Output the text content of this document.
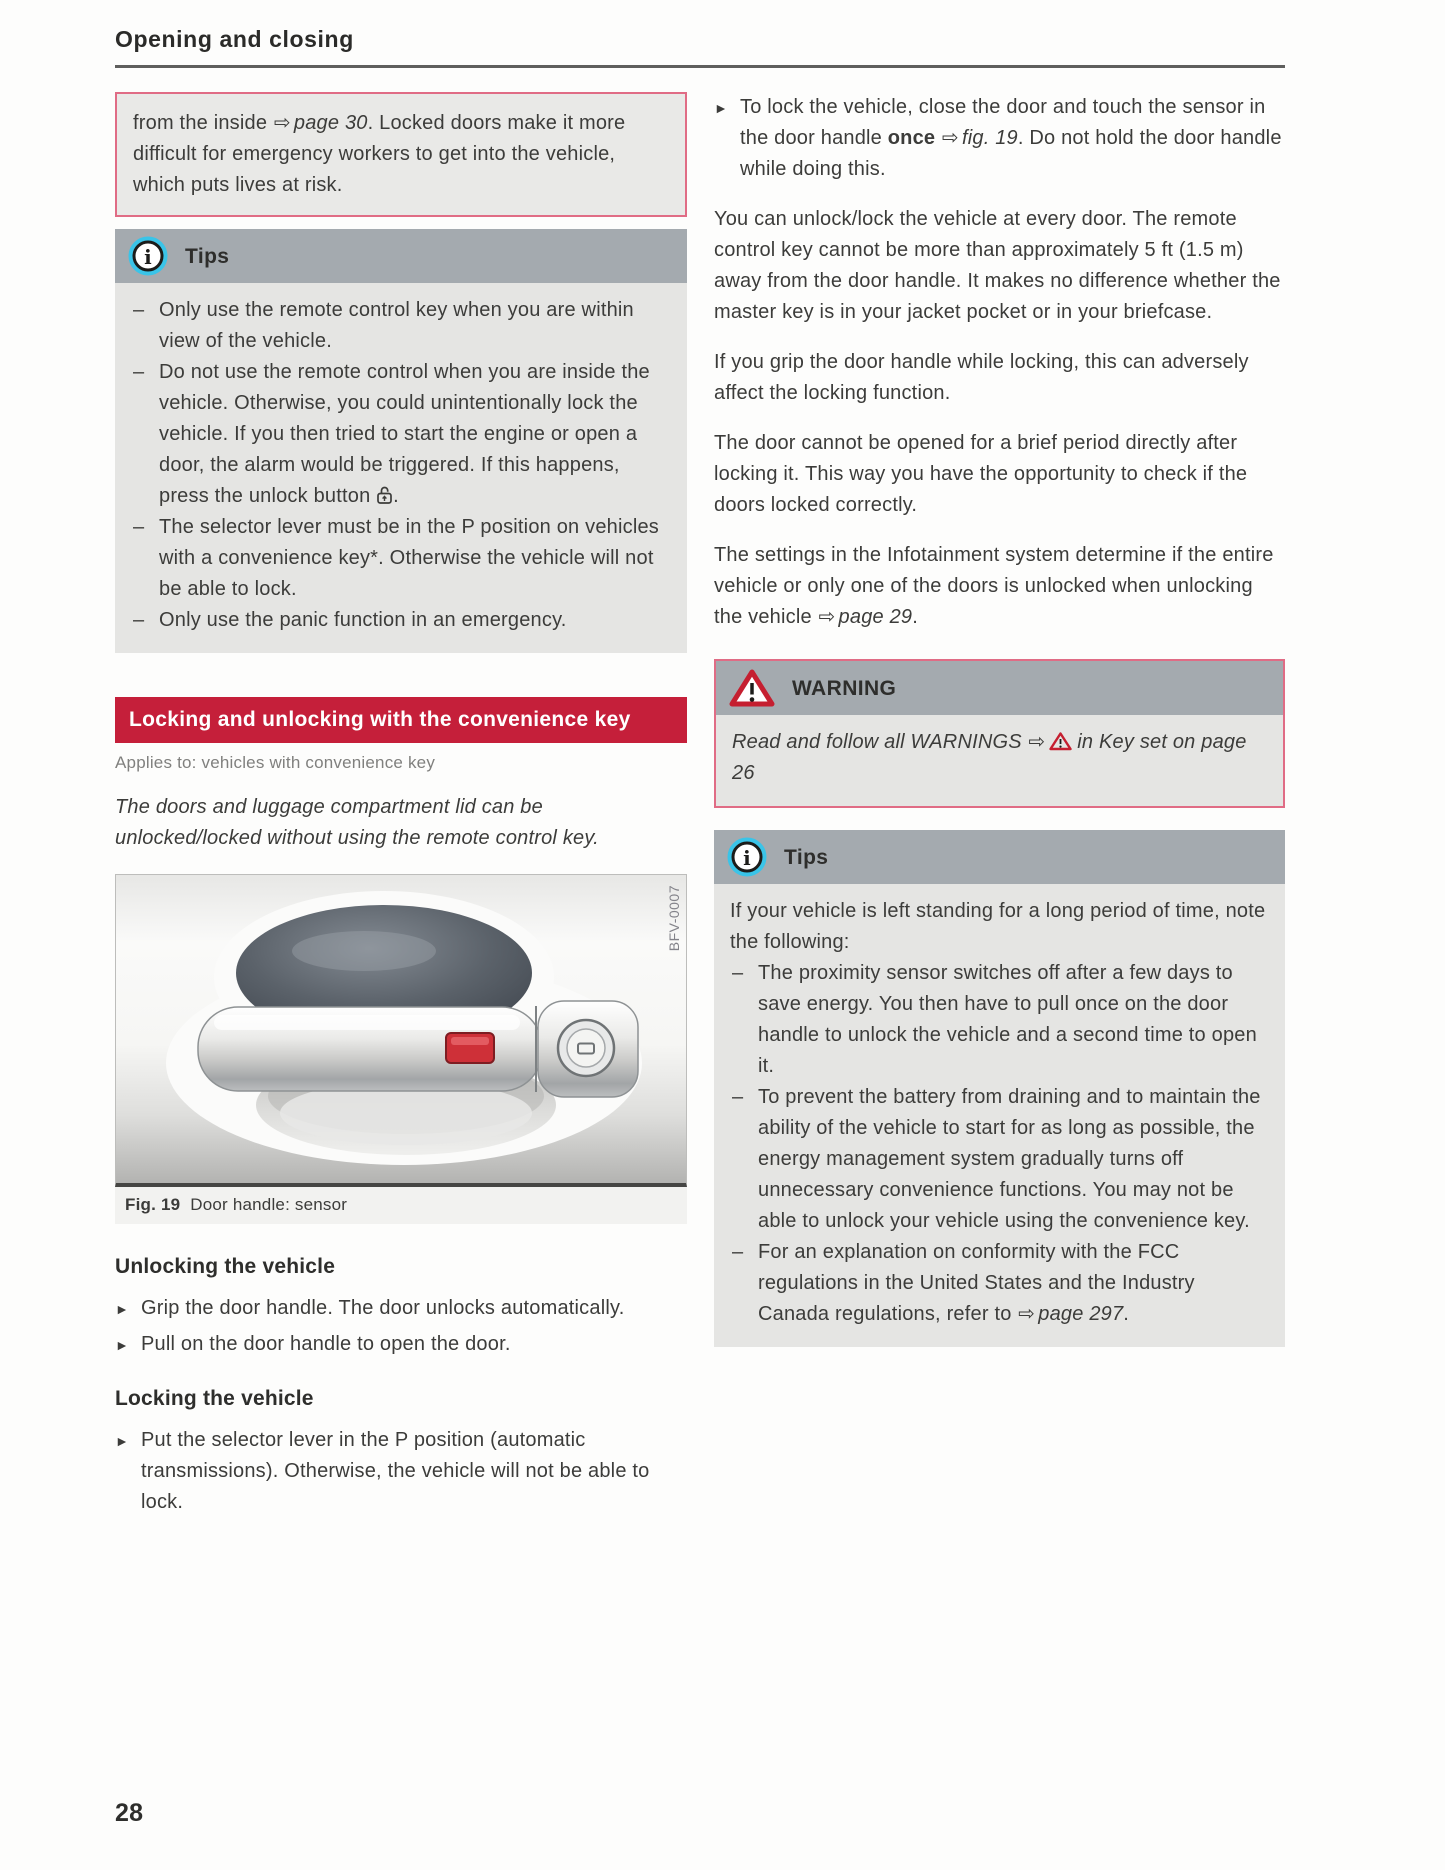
Opening and closing
from the inside ⇨ page 30. Locked doors make it more difficult for emergency workers to get into the vehicle, which puts lives at risk.
i Tips
– Only use the remote control key when you are within view of the vehicle.
– Do not use the remote control when you are inside the vehicle. Otherwise, you could unintentionally lock the vehicle. If you then tried to start the engine or open a door, the alarm would be triggered. If this happens, press the unlock button .
– The selector lever must be in the P position on vehicles with a convenience key*. Otherwise the vehicle will not be able to lock.
– Only use the panic function in an emergency.
Locking and unlocking with the convenience key
Applies to: vehicles with convenience key
The doors and luggage compartment lid can be unlocked/locked without using the remote control key.
BFV-0007
Fig. 19 Door handle: sensor
Unlocking the vehicle
► Grip the door handle. The door unlocks automatically.
► Pull on the door handle to open the door.
Locking the vehicle
► Put the selector lever in the P position (automatic transmissions). Otherwise, the vehicle will not be able to lock.
► To lock the vehicle, close the door and touch the sensor in the door handle once ⇨ fig. 19. Do not hold the door handle while doing this.
You can unlock/lock the vehicle at every door. The remote control key cannot be more than approximately 5 ft (1.5 m) away from the door handle. It makes no difference whether the master key is in your jacket pocket or in your briefcase.
If you grip the door handle while locking, this can adversely affect the locking function.
The door cannot be opened for a brief period directly after locking it. This way you have the opportunity to check if the doors locked correctly.
The settings in the Infotainment system determine if the entire vehicle or only one of the doors is unlocked when unlocking the vehicle ⇨ page 29.
WARNING
Read and follow all WARNINGS ⇨ in Key set on page 26
i Tips
If your vehicle is left standing for a long period of time, note the following:
– The proximity sensor switches off after a few days to save energy. You then have to pull once on the door handle to unlock the vehicle and a second time to open it.
– To prevent the battery from draining and to maintain the ability of the vehicle to start for as long as possible, the energy management system gradually turns off unnecessary convenience functions. You may not be able to unlock your vehicle using the convenience key.
– For an explanation on conformity with the FCC regulations in the United States and the Industry Canada regulations, refer to ⇨ page 297.
28
